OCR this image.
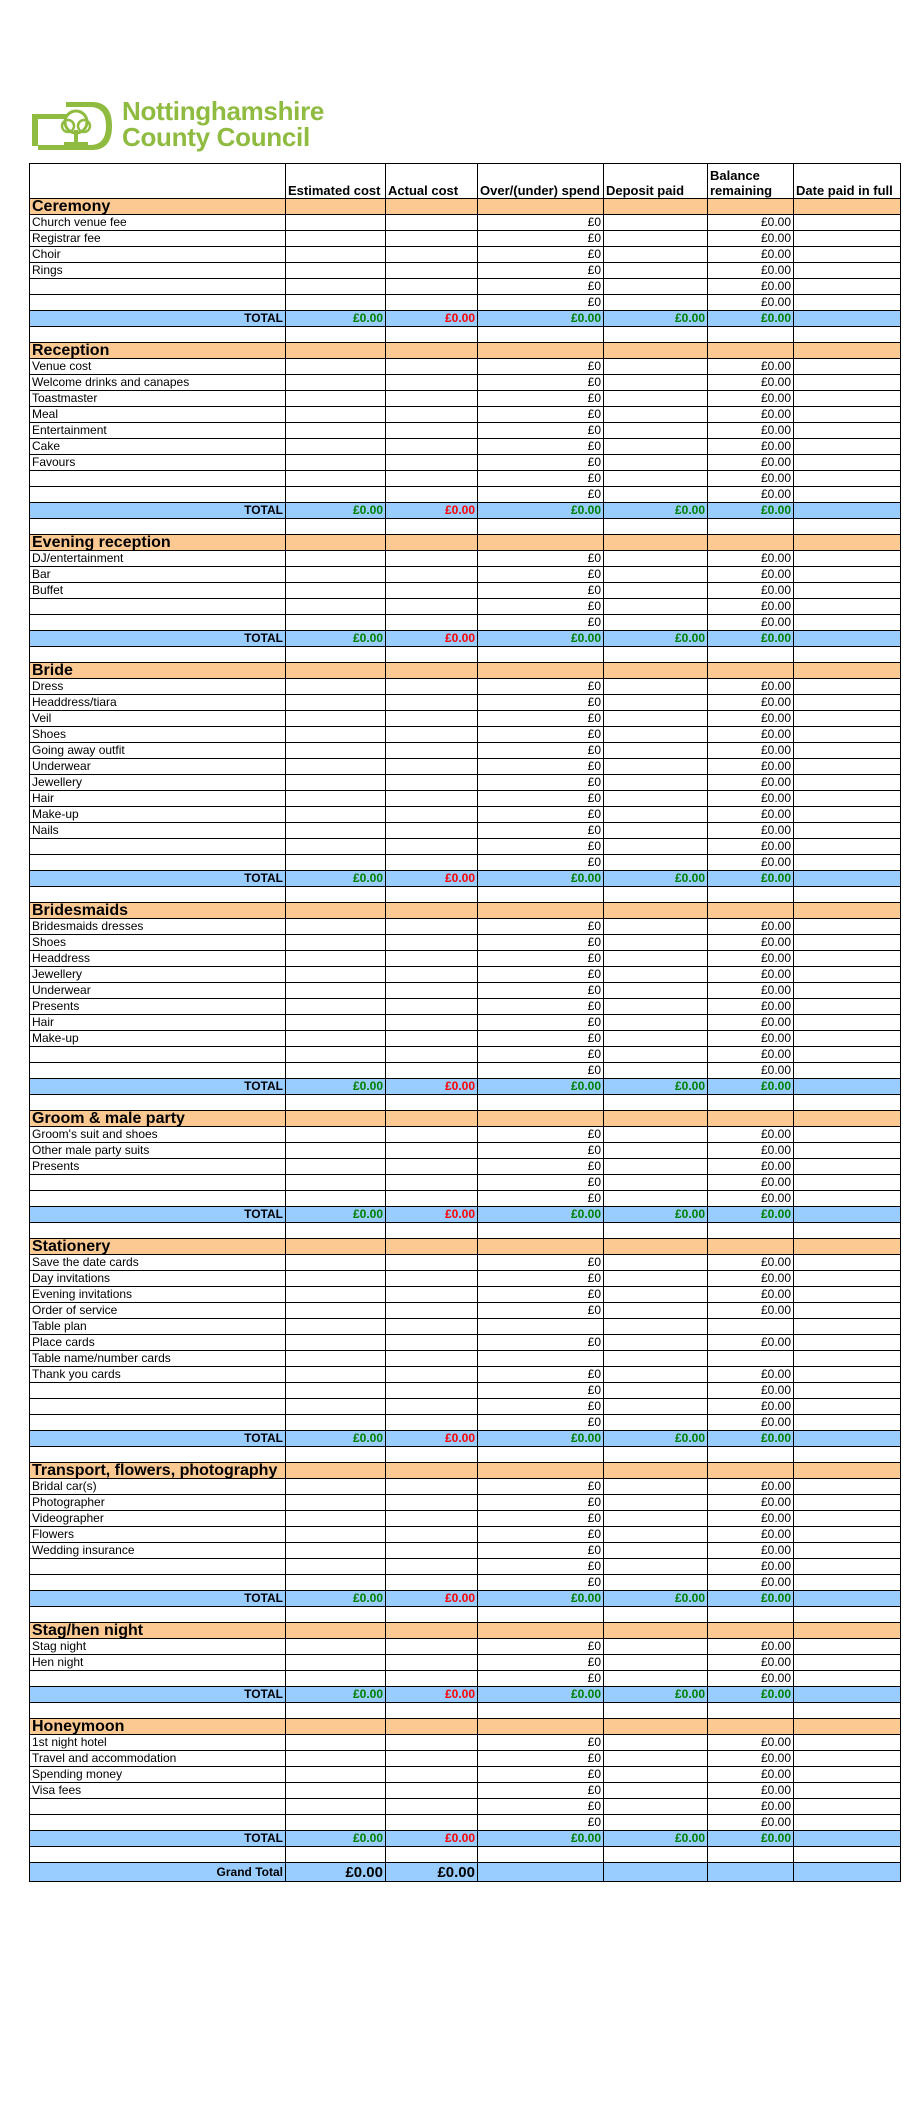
Nottinghamshire
County Council
	Estimated cost	Actual cost	Over/(under) spend	Deposit paid	Balance remaining	Date paid in full
Ceremony						
Church venue fee			£0		£0.00	
Registrar fee			£0		£0.00	
Choir			£0		£0.00	
Rings			£0		£0.00	
			£0		£0.00	
			£0		£0.00	
TOTAL	£0.00	£0.00	£0.00	£0.00	£0.00	

Reception						
Venue cost			£0		£0.00	
Welcome drinks and canapes			£0		£0.00	
Toastmaster			£0		£0.00	
Meal			£0		£0.00	
Entertainment			£0		£0.00	
Cake			£0		£0.00	
Favours			£0		£0.00	
			£0		£0.00	
			£0		£0.00	
TOTAL	£0.00	£0.00	£0.00	£0.00	£0.00	

Evening reception						
DJ/entertainment			£0		£0.00	
Bar			£0		£0.00	
Buffet			£0		£0.00	
			£0		£0.00	
			£0		£0.00	
TOTAL	£0.00	£0.00	£0.00	£0.00	£0.00	

Bride						
Dress			£0		£0.00	
Headdress/tiara			£0		£0.00	
Veil			£0		£0.00	
Shoes			£0		£0.00	
Going away outfit			£0		£0.00	
Underwear			£0		£0.00	
Jewellery			£0		£0.00	
Hair			£0		£0.00	
Make-up			£0		£0.00	
Nails			£0		£0.00	
			£0		£0.00	
			£0		£0.00	
TOTAL	£0.00	£0.00	£0.00	£0.00	£0.00	

Bridesmaids						
Bridesmaids dresses			£0		£0.00	
Shoes			£0		£0.00	
Headdress			£0		£0.00	
Jewellery			£0		£0.00	
Underwear			£0		£0.00	
Presents			£0		£0.00	
Hair			£0		£0.00	
Make-up			£0		£0.00	
			£0		£0.00	
			£0		£0.00	
TOTAL	£0.00	£0.00	£0.00	£0.00	£0.00	

Groom & male party						
Groom's suit and shoes			£0		£0.00	
Other male party suits			£0		£0.00	
Presents			£0		£0.00	
			£0		£0.00	
			£0		£0.00	
TOTAL	£0.00	£0.00	£0.00	£0.00	£0.00	

Stationery						
Save the date cards			£0		£0.00	
Day invitations			£0		£0.00	
Evening invitations			£0		£0.00	
Order of service			£0		£0.00	
Table plan						
Place cards			£0		£0.00	
Table name/number cards						
Thank you cards			£0		£0.00	
			£0		£0.00	
			£0		£0.00	
			£0		£0.00	
TOTAL	£0.00	£0.00	£0.00	£0.00	£0.00	

Transport, flowers, photography						
Bridal car(s)			£0		£0.00	
Photographer			£0		£0.00	
Videographer			£0		£0.00	
Flowers			£0		£0.00	
Wedding insurance			£0		£0.00	
			£0		£0.00	
			£0		£0.00	
TOTAL	£0.00	£0.00	£0.00	£0.00	£0.00	

Stag/hen night						
Stag night			£0		£0.00	
Hen night			£0		£0.00	
			£0		£0.00	
TOTAL	£0.00	£0.00	£0.00	£0.00	£0.00	

Honeymoon						
1st night hotel			£0		£0.00	
Travel and accommodation			£0		£0.00	
Spending money			£0		£0.00	
Visa fees			£0		£0.00	
			£0		£0.00	
			£0		£0.00	
TOTAL	£0.00	£0.00	£0.00	£0.00	£0.00	

Grand Total	£0.00	£0.00				
